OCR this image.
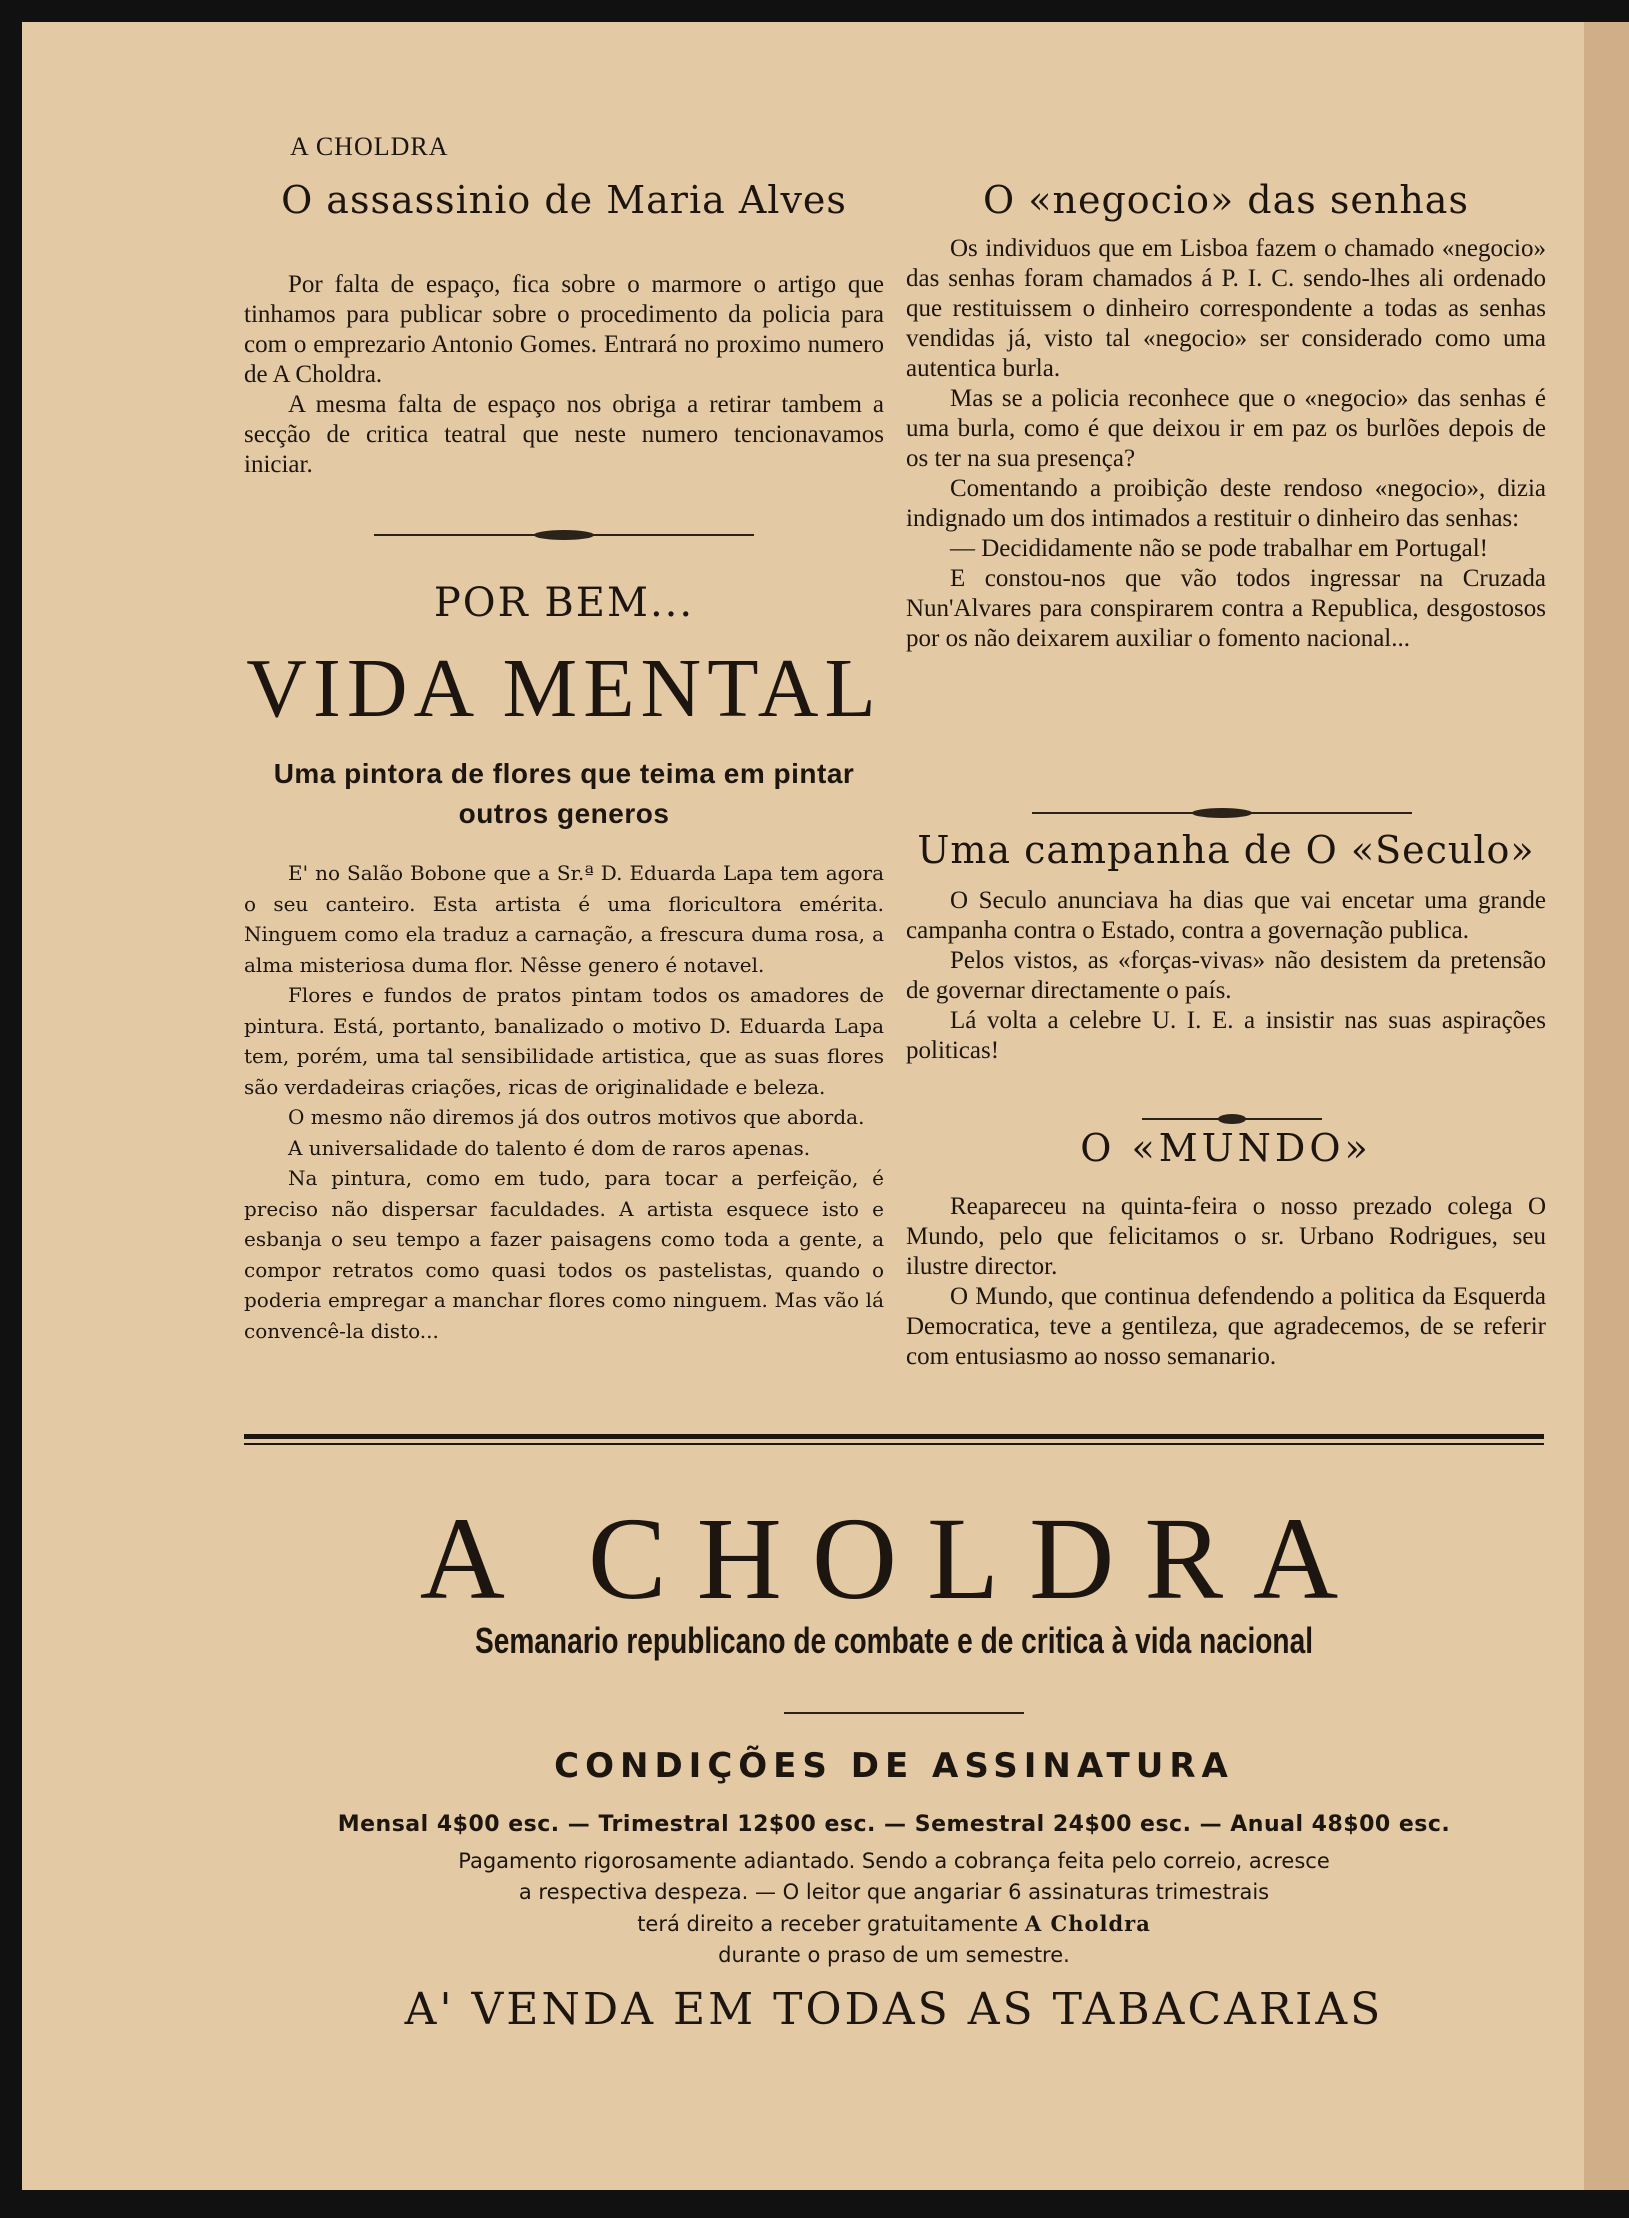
A CHOLDRA
O assassinio de Maria Alves

Por falta de espaço, fica sobre o marmore o artigo que tinhamos para publicar sobre o procedimento da policia para com o emprezario Antonio Gomes. Entrará no proximo numero de A Choldra.

A mesma falta de espaço nos obriga a retirar tambem a secção de critica teatral que neste numero tencionavamos iniciar.

POR BEM...
VIDA MENTAL
Uma pintora de flores que teima em pintar
outros generos

E' no Salão Bobone que a Sr.ª D. Eduarda Lapa tem agora o seu canteiro. Esta artista é uma floricultora emérita. Ninguem como ela traduz a carnação, a frescura duma rosa, a alma misteriosa duma flor. Nêsse genero é notavel.

Flores e fundos de pratos pintam todos os amadores de pintura. Está, portanto, banalizado o motivo D. Eduarda Lapa tem, porém, uma tal sensibilidade artistica, que as suas flores são verdadeiras criações, ricas de originalidade e beleza.

O mesmo não diremos já dos outros motivos que aborda.

A universalidade do talento é dom de raros apenas.

Na pintura, como em tudo, para tocar a perfeição, é preciso não dispersar faculdades. A artista esquece isto e esbanja o seu tempo a fazer paisagens como toda a gente, a compor retratos como quasi todos os pastelistas, quando o poderia empregar a manchar flores como ninguem. Mas vão lá convencê-la disto...

O «negocio» das senhas

Os individuos que em Lisboa fazem o chamado «negocio» das senhas foram chamados á P. I. C. sendo-lhes ali ordenado que restituissem o dinheiro correspondente a todas as senhas vendidas já, visto tal «negocio» ser considerado como uma autentica burla.

Mas se a policia reconhece que o «negocio» das senhas é uma burla, como é que deixou ir em paz os burlões depois de os ter na sua presença?

Comentando a proibição deste rendoso «negocio», dizia indignado um dos intimados a restituir o dinheiro das senhas:

— Decididamente não se pode trabalhar em Portugal!

E constou-nos que vão todos ingressar na Cruzada Nun'Alvares para conspirarem contra a Republica, desgostosos por os não deixarem auxiliar o fomento nacional...

Uma campanha de O «Seculo»

O Seculo anunciava ha dias que vai encetar uma grande campanha contra o Estado, contra a governação publica.

Pelos vistos, as «forças-vivas» não desistem da pretensão de governar directamente o país.

Lá volta a celebre U. I. E. a insistir nas suas aspirações politicas!

O «MUNDO»

Reapareceu na quinta-feira o nosso prezado colega O Mundo, pelo que felicitamos o sr. Urbano Rodrigues, seu ilustre director.

O Mundo, que continua defendendo a politica da Esquerda Democratica, teve a gentileza, que agradecemos, de se referir com entusiasmo ao nosso semanario.

A CHOLDRA
Semanario republicano de combate e de critica à vida nacional
CONDIÇÕES DE ASSINATURA
Mensal 4$00 esc. — Trimestral 12$00 esc. — Semestral 24$00 esc. — Anual 48$00 esc.
Pagamento rigorosamente adiantado. Sendo a cobrança feita pelo correio, acresce
a respectiva despeza. — O leitor que angariar 6 assinaturas trimestrais
terá direito a receber gratuitamente A Choldra
durante o praso de um semestre.
A' VENDA EM TODAS AS TABACARIAS
